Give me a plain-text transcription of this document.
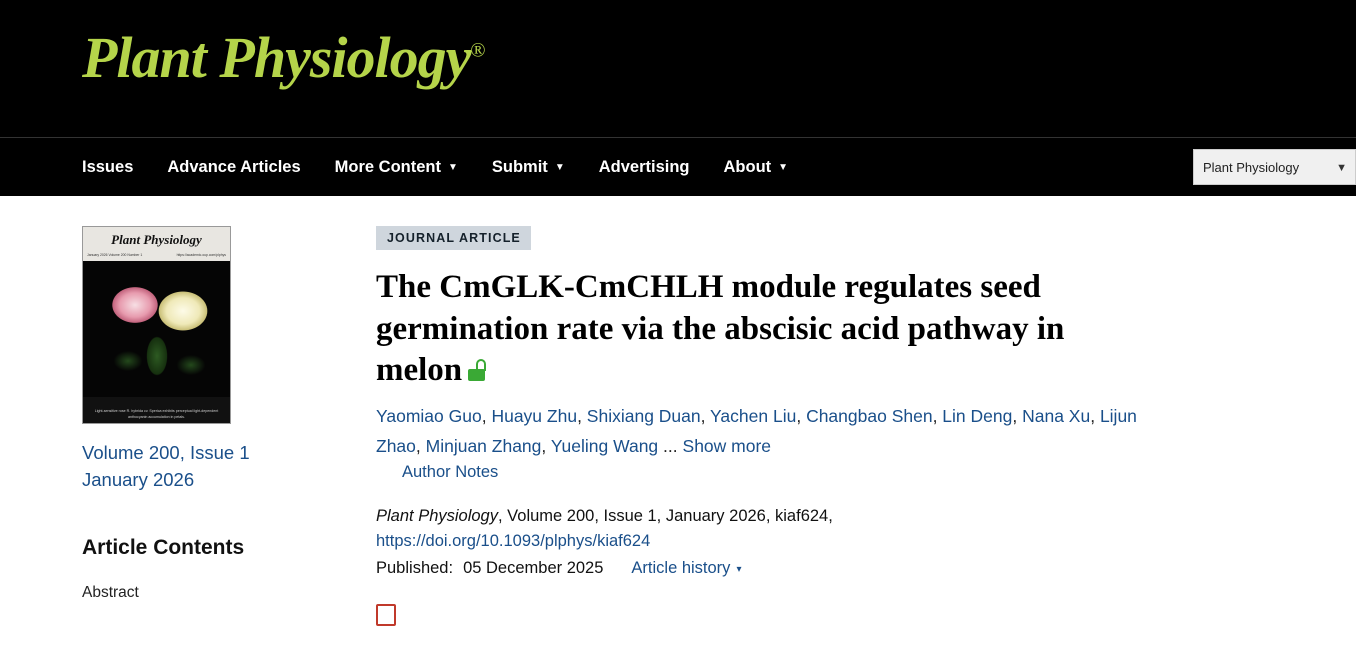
Plant Physiology®
Issues Advance Articles More Content ▼ Submit ▼ Advertising About ▼	Plant Physiology	▼
Plant Physiology
January 2026 Volume 200 Number 1	https://academic.oup.com/plphys
Light-sensitive rose R. hybrida cv. Sperica exhibits perceptual light-dependent anthocyanin accumulation in petals.
Volume 200, Issue 1
January 2026
Article Contents
Abstract
JOURNAL ARTICLE
The CmGLK-CmCHLH module regulates seed germination rate via the abscisic acid pathway in melon
Yaomiao Guo, Huayu Zhu, Shixiang Duan, Yachen Liu, Changbao Shen, Lin Deng, Nana Xu, Lijun Zhao, Minjuan Zhang, Yueling Wang ... Show more
Author Notes
Plant Physiology, Volume 200, Issue 1, January 2026, kiaf624,
https://doi.org/10.1093/plphys/kiaf624
Published: 05 December 2025 Article history ▾
